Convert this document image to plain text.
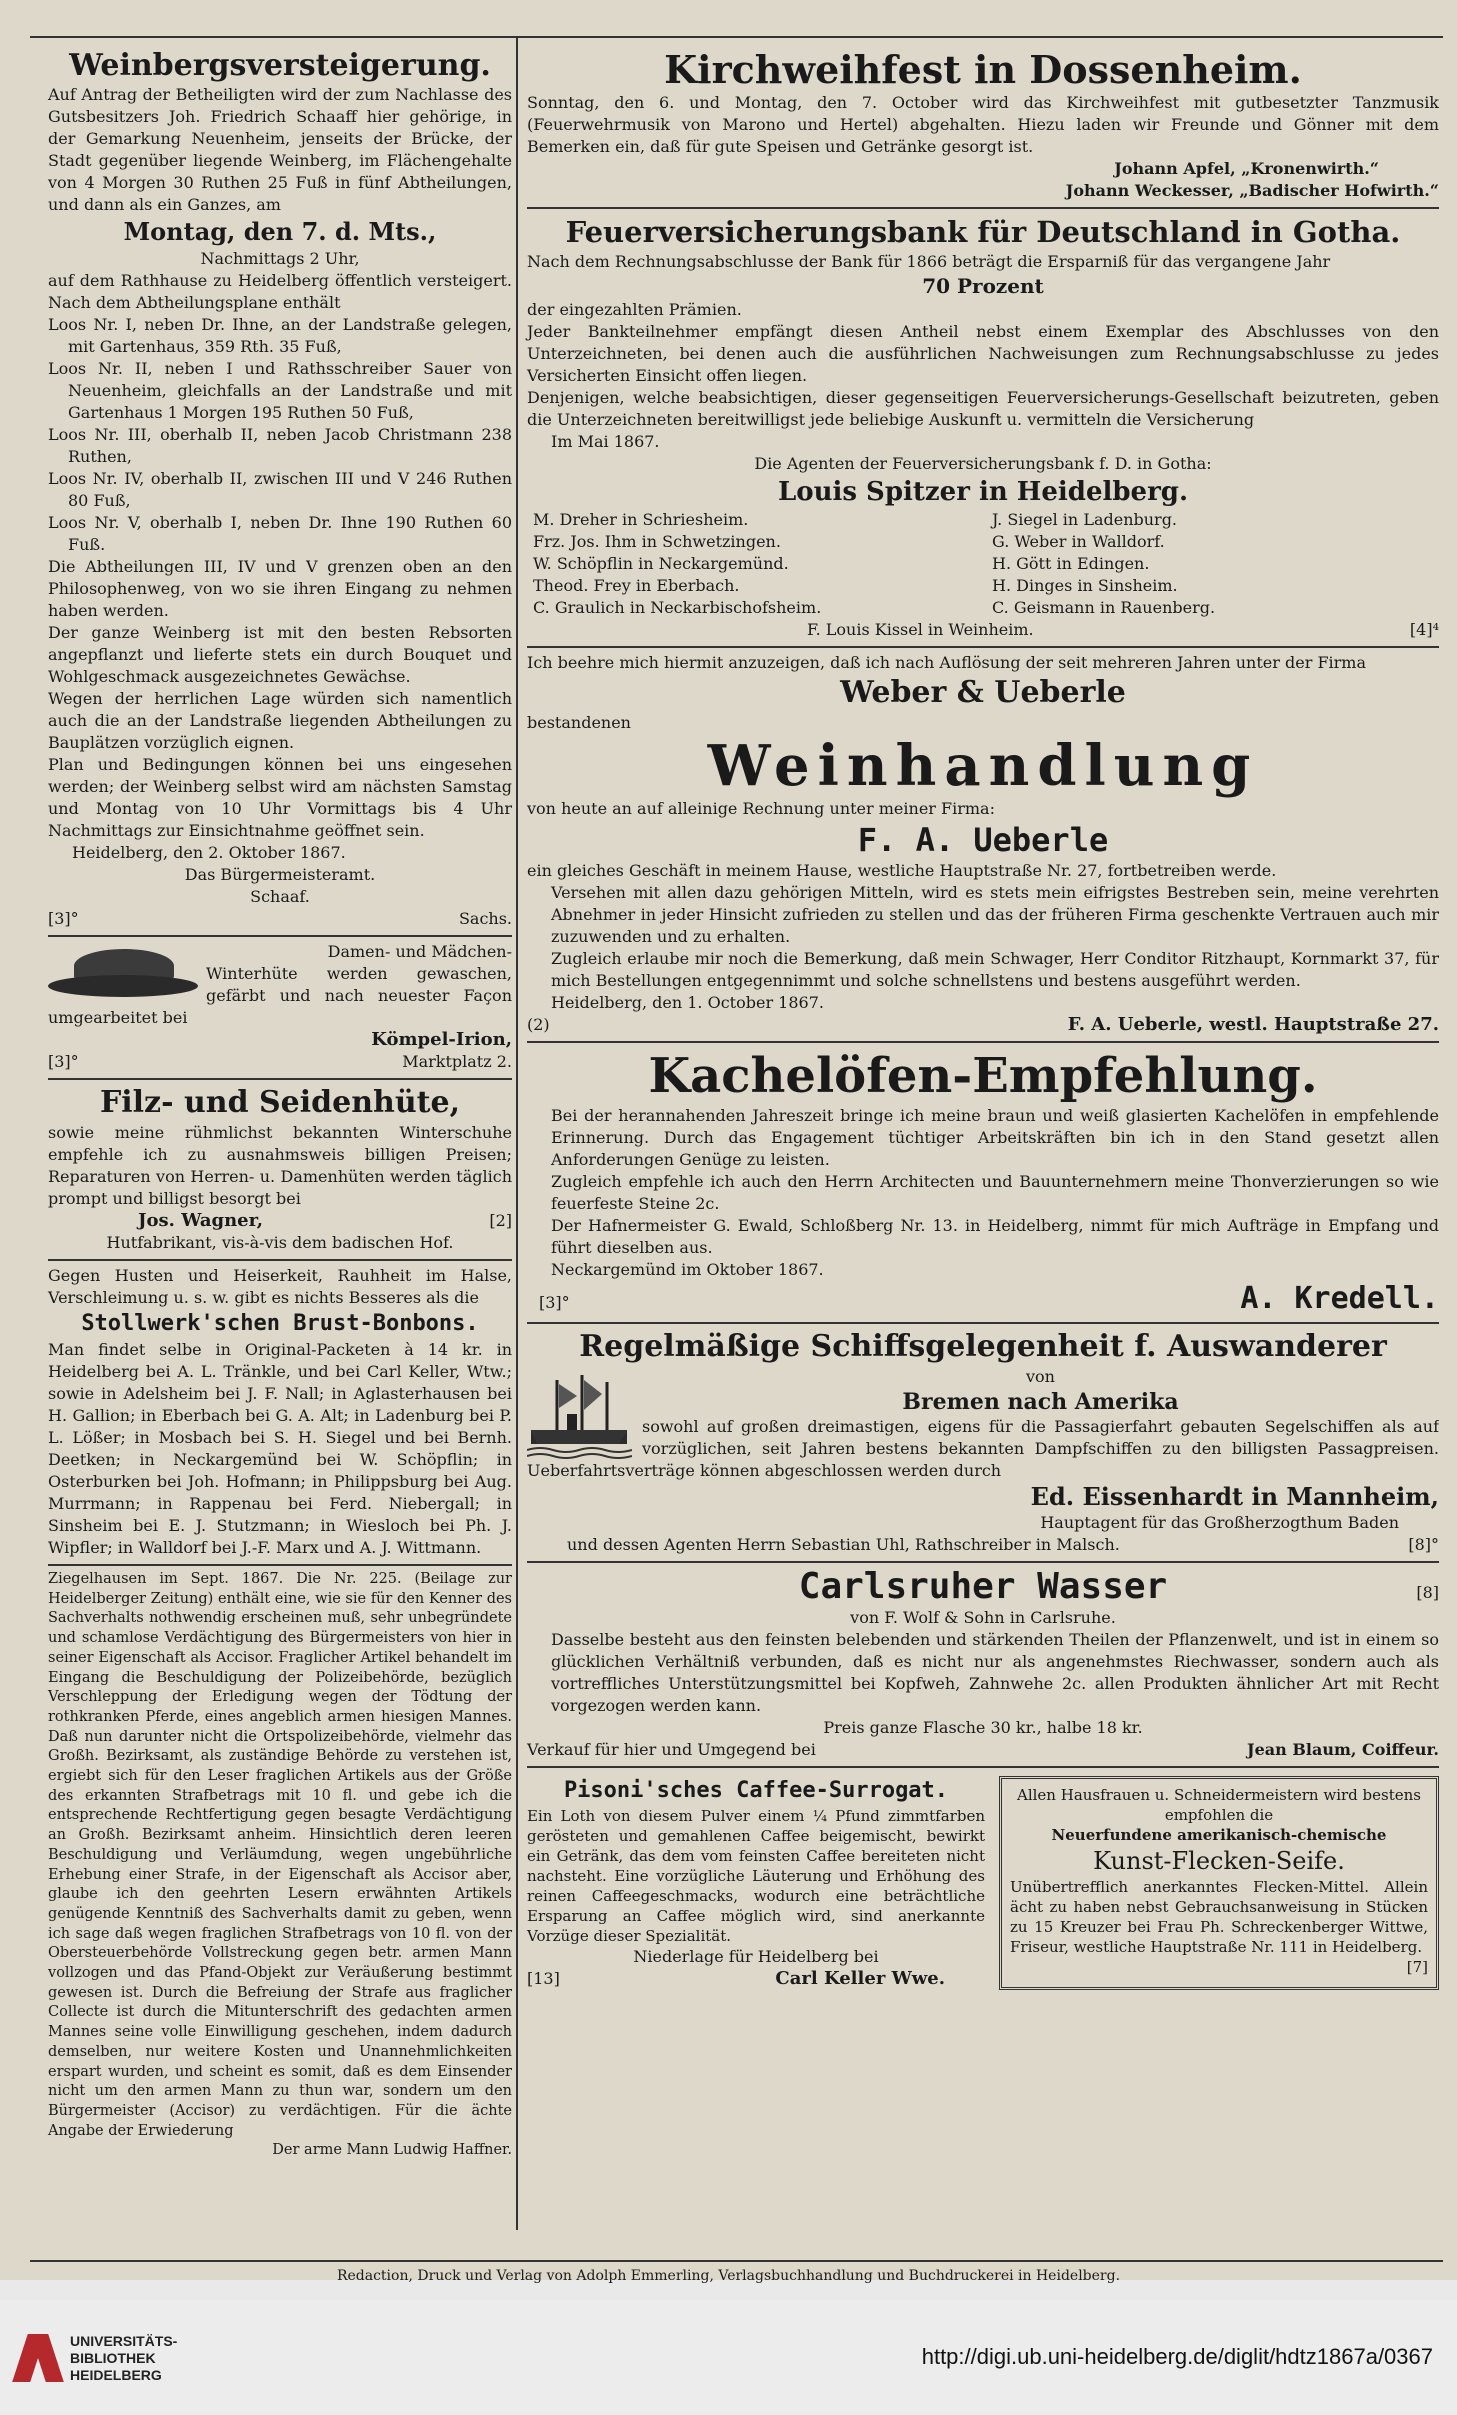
Weinbergsversteigerung.

Auf Antrag der Betheiligten wird der zum Nachlasse des Gutsbesitzers Joh. Friedrich Schaaff hier gehörige, in der Gemarkung Neuenheim, jenseits der Brücke, der Stadt gegenüber liegende Weinberg, im Flächengehalte von 4 Morgen 30 Ruthen 25 Fuß in fünf Abtheilungen, und dann als ein Ganzes, am

Montag, den 7. d. Mts.,
Nachmittags 2 Uhr,

auf dem Rathhause zu Heidelberg öffentlich versteigert. Nach dem Abtheilungsplane enthält

Loos Nr. I, neben Dr. Ihne, an der Landstraße gelegen, mit Gartenhaus, 359 Rth. 35 Fuß,

Loos Nr. II, neben I und Rathsschreiber Sauer von Neuenheim, gleichfalls an der Landstraße und mit Gartenhaus 1 Morgen 195 Ruthen 50 Fuß,

Loos Nr. III, oberhalb II, neben Jacob Christmann 238 Ruthen,

Loos Nr. IV, oberhalb II, zwischen III und V 246 Ruthen 80 Fuß,

Loos Nr. V, oberhalb I, neben Dr. Ihne 190 Ruthen 60 Fuß.

Die Abtheilungen III, IV und V grenzen oben an den Philosophenweg, von wo sie ihren Eingang zu nehmen haben werden.

Der ganze Weinberg ist mit den besten Rebsorten angepflanzt und lieferte stets ein durch Bouquet und Wohlgeschmack ausgezeichnetes Gewächse.

Wegen der herrlichen Lage würden sich namentlich auch die an der Landstraße liegenden Abtheilungen zu Bauplätzen vorzüglich eignen.

Plan und Bedingungen können bei uns eingesehen werden; der Weinberg selbst wird am nächsten Samstag und Montag von 10 Uhr Vormittags bis 4 Uhr Nachmittags zur Einsichtnahme geöffnet sein.

Heidelberg, den 2. Oktober 1867.
Das Bürgermeisteramt.
Schaaf.
[3]°	Sachs.
Damen- und Mädchen-

Winterhüte werden gewaschen, gefärbt und nach neuester Façon umgearbeitet bei

Kömpel-Irion,
[3]°	Marktplatz 2.
Filz- und Seidenhüte,

sowie meine rühmlichst bekannten Winterschuhe empfehle ich zu ausnahmsweis billigen Preisen; Reparaturen von Herren- u. Damenhüten werden täglich prompt und billigst besorgt bei

Jos. Wagner,	[2]
Hutfabrikant, vis-à-vis dem badischen Hof.

Gegen Husten und Heiserkeit, Rauhheit im Halse, Verschleimung u. s. w. gibt es nichts Besseres als die

Stollwerk'schen Brust-Bonbons.

Man findet selbe in Original-Packeten à 14 kr. in Heidelberg bei A. L. Tränkle, und bei Carl Keller, Wtw.; sowie in Adelsheim bei J. F. Nall; in Aglasterhausen bei H. Gallion; in Eberbach bei G. A. Alt; in Ladenburg bei P. L. Lößer; in Mosbach bei S. H. Siegel und bei Bernh. Deetken; in Neckargemünd bei W. Schöpflin; in Osterburken bei Joh. Hofmann; in Philippsburg bei Aug. Murrmann; in Rappenau bei Ferd. Niebergall; in Sinsheim bei E. J. Stutzmann; in Wiesloch bei Ph. J. Wipfler; in Walldorf bei J.-F. Marx und A. J. Wittmann.

Ziegelhausen im Sept. 1867. Die Nr. 225. (Beilage zur Heidelberger Zeitung) enthält eine, wie sie für den Kenner des Sachverhalts nothwendig erscheinen muß, sehr unbegründete und schamlose Verdächtigung des Bürgermeisters von hier in seiner Eigenschaft als Accisor. Fraglicher Artikel behandelt im Eingang die Beschuldigung der Polizeibehörde, bezüglich Verschleppung der Erledigung wegen der Tödtung der rothkranken Pferde, eines angeblich armen hiesigen Mannes. Daß nun darunter nicht die Ortspolizeibehörde, vielmehr das Großh. Bezirksamt, als zuständige Behörde zu verstehen ist, ergiebt sich für den Leser fraglichen Artikels aus der Größe des erkannten Strafbetrags mit 10 fl. und gebe ich die entsprechende Rechtfertigung gegen besagte Verdächtigung an Großh. Bezirksamt anheim. Hinsichtlich deren leeren Beschuldigung und Verläumdung, wegen ungebührliche Erhebung einer Strafe, in der Eigenschaft als Accisor aber, glaube ich den geehrten Lesern erwähnten Artikels genügende Kenntniß des Sachverhalts damit zu geben, wenn ich sage daß wegen fraglichen Strafbetrags von 10 fl. von der Obersteuerbehörde Vollstreckung gegen betr. armen Mann vollzogen und das Pfand-Objekt zur Veräußerung bestimmt gewesen ist. Durch die Befreiung der Strafe aus fraglicher Collecte ist durch die Mitunterschrift des gedachten armen Mannes seine volle Einwilligung geschehen, indem dadurch demselben, nur weitere Kosten und Unannehmlichkeiten erspart wurden, und scheint es somit, daß es dem Einsender nicht um den armen Mann zu thun war, sondern um den Bürgermeister (Accisor) zu verdächtigen. Für die ächte Angabe der Erwiederung

Der arme Mann Ludwig Haffner.
Kirchweihfest in Dossenheim.

Sonntag, den 6. und Montag, den 7. October wird das Kirchweihfest mit gutbesetzter Tanzmusik (Feuerwehrmusik von Marono und Hertel) abgehalten. Hiezu laden wir Freunde und Gönner mit dem Bemerken ein, daß für gute Speisen und Getränke gesorgt ist.

Johann Apfel, „Kronenwirth.“
Johann Weckesser, „Badischer Hofwirth.“
Feuerversicherungsbank für Deutschland in Gotha.

Nach dem Rechnungsabschlusse der Bank für 1866 beträgt die Ersparniß für das vergangene Jahr

70 Prozent

der eingezahlten Prämien.

Jeder Bankteilnehmer empfängt diesen Antheil nebst einem Exemplar des Abschlusses von den Unterzeichneten, bei denen auch die ausführlichen Nachweisungen zum Rechnungsabschlusse zu jedes Versicherten Einsicht offen liegen.

Denjenigen, welche beabsichtigen, dieser gegenseitigen Feuerversicherungs-Gesellschaft beizutreten, geben die Unterzeichneten bereitwilligst jede beliebige Auskunft u. vermitteln die Versicherung

Im Mai 1867.
Die Agenten der Feuerversicherungsbank f. D. in Gotha:
Louis Spitzer in Heidelberg.
M. Dreher in Schriesheim.	J. Siegel in Ladenburg.
Frz. Jos. Ihm in Schwetzingen.	G. Weber in Walldorf.
W. Schöpflin in Neckargemünd.	H. Gött in Edingen.
Theod. Frey in Eberbach.	H. Dinges in Sinsheim.
C. Graulich in Neckarbischofsheim.	C. Geismann in Rauenberg.
F. Louis Kissel in Weinheim.	[4]⁴

Ich beehre mich hiermit anzuzeigen, daß ich nach Auflösung der seit mehreren Jahren unter der Firma

Weber & Ueberle
bestandenen
Weinhandlung

von heute an auf alleinige Rechnung unter meiner Firma:

F. A. Ueberle

ein gleiches Geschäft in meinem Hause, westliche Hauptstraße Nr. 27, fortbetreiben werde.

Versehen mit allen dazu gehörigen Mitteln, wird es stets mein eifrigstes Bestreben sein, meine verehrten Abnehmer in jeder Hinsicht zufrieden zu stellen und das der früheren Firma geschenkte Vertrauen auch mir zuzuwenden und zu erhalten.

Zugleich erlaube mir noch die Bemerkung, daß mein Schwager, Herr Conditor Ritzhaupt, Kornmarkt 37, für mich Bestellungen entgegennimmt und solche schnellstens und bestens ausgeführt werden.

Heidelberg, den 1. October 1867.
(2)	F. A. Ueberle, westl. Hauptstraße 27.
Kachelöfen-Empfehlung.

Bei der herannahenden Jahreszeit bringe ich meine braun und weiß glasierten Kachelöfen in empfehlende Erinnerung. Durch das Engagement tüchtiger Arbeitskräften bin ich in den Stand gesetzt allen Anforderungen Genüge zu leisten.

Zugleich empfehle ich auch den Herrn Architecten und Bauunternehmern meine Thonverzierungen so wie feuerfeste Steine 2c.

Der Hafnermeister G. Ewald, Schloßberg Nr. 13. in Heidelberg, nimmt für mich Aufträge in Empfang und führt dieselben aus.

Neckargemünd im Oktober 1867.
[3]°	A. Kredell.
Regelmäßige Schiffsgelegenheit f. Auswanderer
von
Bremen nach Amerika

sowohl auf großen dreimastigen, eigens für die Passagierfahrt gebauten Segelschiffen als auf vorzüglichen, seit Jahren bestens bekannten Dampfschiffen zu den billigsten Passagpreisen. Ueberfahrtsverträge können abgeschlossen werden durch

Ed. Eissenhardt in Mannheim,
Hauptagent für das Großherzogthum Baden
und dessen Agenten Herrn Sebastian Uhl, Rathschreiber in Malsch.	[8]°
Carlsruher Wasser	[8]
von F. Wolf & Sohn in Carlsruhe.

Dasselbe besteht aus den feinsten belebenden und stärkenden Theilen der Pflanzenwelt, und ist in einem so glücklichen Verhältniß verbunden, daß es nicht nur als angenehmstes Riechwasser, sondern auch als vortreffliches Unterstützungsmittel bei Kopfweh, Zahnwehe 2c. allen Produkten ähnlicher Art mit Recht vorgezogen werden kann.

Preis ganze Flasche 30 kr., halbe 18 kr.
Verkauf für hier und Umgegend bei	Jean Blaum, Coiffeur.
Pisoni'sches Caffee-Surrogat.

Ein Loth von diesem Pulver einem ¼ Pfund zimmtfarben gerösteten und gemahlenen Caffee beigemischt, bewirkt ein Getränk, das dem vom feinsten Caffee bereiteten nicht nachsteht. Eine vorzügliche Läuterung und Erhöhung des reinen Caffeegeschmacks, wodurch eine beträchtliche Ersparung an Caffee möglich wird, sind anerkannte Vorzüge dieser Spezialität.

Niederlage für Heidelberg bei
[13]	Carl Keller Wwe.

Allen Hausfrauen u. Schneidermeistern wird bestens empfohlen die

Neuerfundene amerikanisch-chemische
Kunst-Flecken-Seife.

Unübertrefflich anerkanntes Flecken-Mittel. Allein ächt zu haben nebst Gebrauchsanweisung in Stücken zu 15 Kreuzer bei Frau Ph. Schreckenberger Wittwe, Friseur, westliche Hauptstraße Nr. 111 in Heidelberg.

[7]
Redaction, Druck und Verlag von Adolph Emmerling, Verlagsbuchhandlung und Buchdruckerei in Heidelberg.
UNIVERSITÄTS-
BIBLIOTHEK
HEIDELBERG
http://digi.ub.uni-heidelberg.de/diglit/hdtz1867a/0367
